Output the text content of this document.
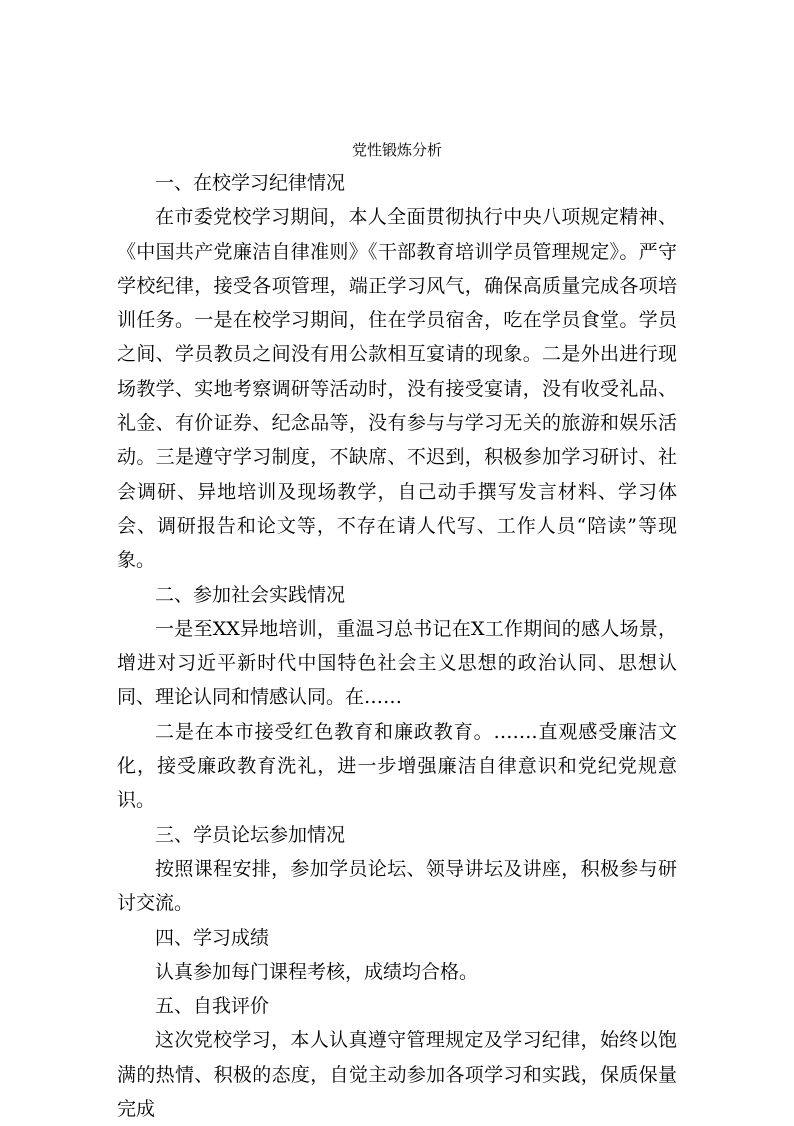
党性锻炼分析

一、在校学习纪律情况

在市委党校学习期间，本人全面贯彻执行中央八项规定精神、《中国共产党廉洁自律准则》《干部教育培训学员管理规定》。严守学校纪律，接受各项管理，端正学习风气，确保高质量完成各项培训任务。一是在校学习期间，住在学员宿舍，吃在学员食堂。学员之间、学员教员之间没有用公款相互宴请的现象。二是外出进行现场教学、实地考察调研等活动时，没有接受宴请，没有收受礼品、礼金、有价证券、纪念品等，没有参与与学习无关的旅游和娱乐活动。三是遵守学习制度，不缺席、不迟到，积极参加学习研讨、社会调研、异地培训及现场教学，自己动手撰写发言材料、学习体会、调研报告和论文等，不存在请人代写、工作人员“陪读”等现象。

二、参加社会实践情况

一是至XX异地培训，重温习总书记在X工作期间的感人场景，增进对习近平新时代中国特色社会主义思想的政治认同、思想认同、理论认同和情感认同。在……

二是在本市接受红色教育和廉政教育。…….直观感受廉洁文化，接受廉政教育洗礼，进一步增强廉洁自律意识和党纪党规意识。

三、学员论坛参加情况

按照课程安排，参加学员论坛、领导讲坛及讲座，积极参与研讨交流。

四、学习成绩

认真参加每门课程考核，成绩均合格。

五、自我评价

这次党校学习，本人认真遵守管理规定及学习纪律，始终以饱满的热情、积极的态度，自觉主动参加各项学习和实践，保质保量完成
